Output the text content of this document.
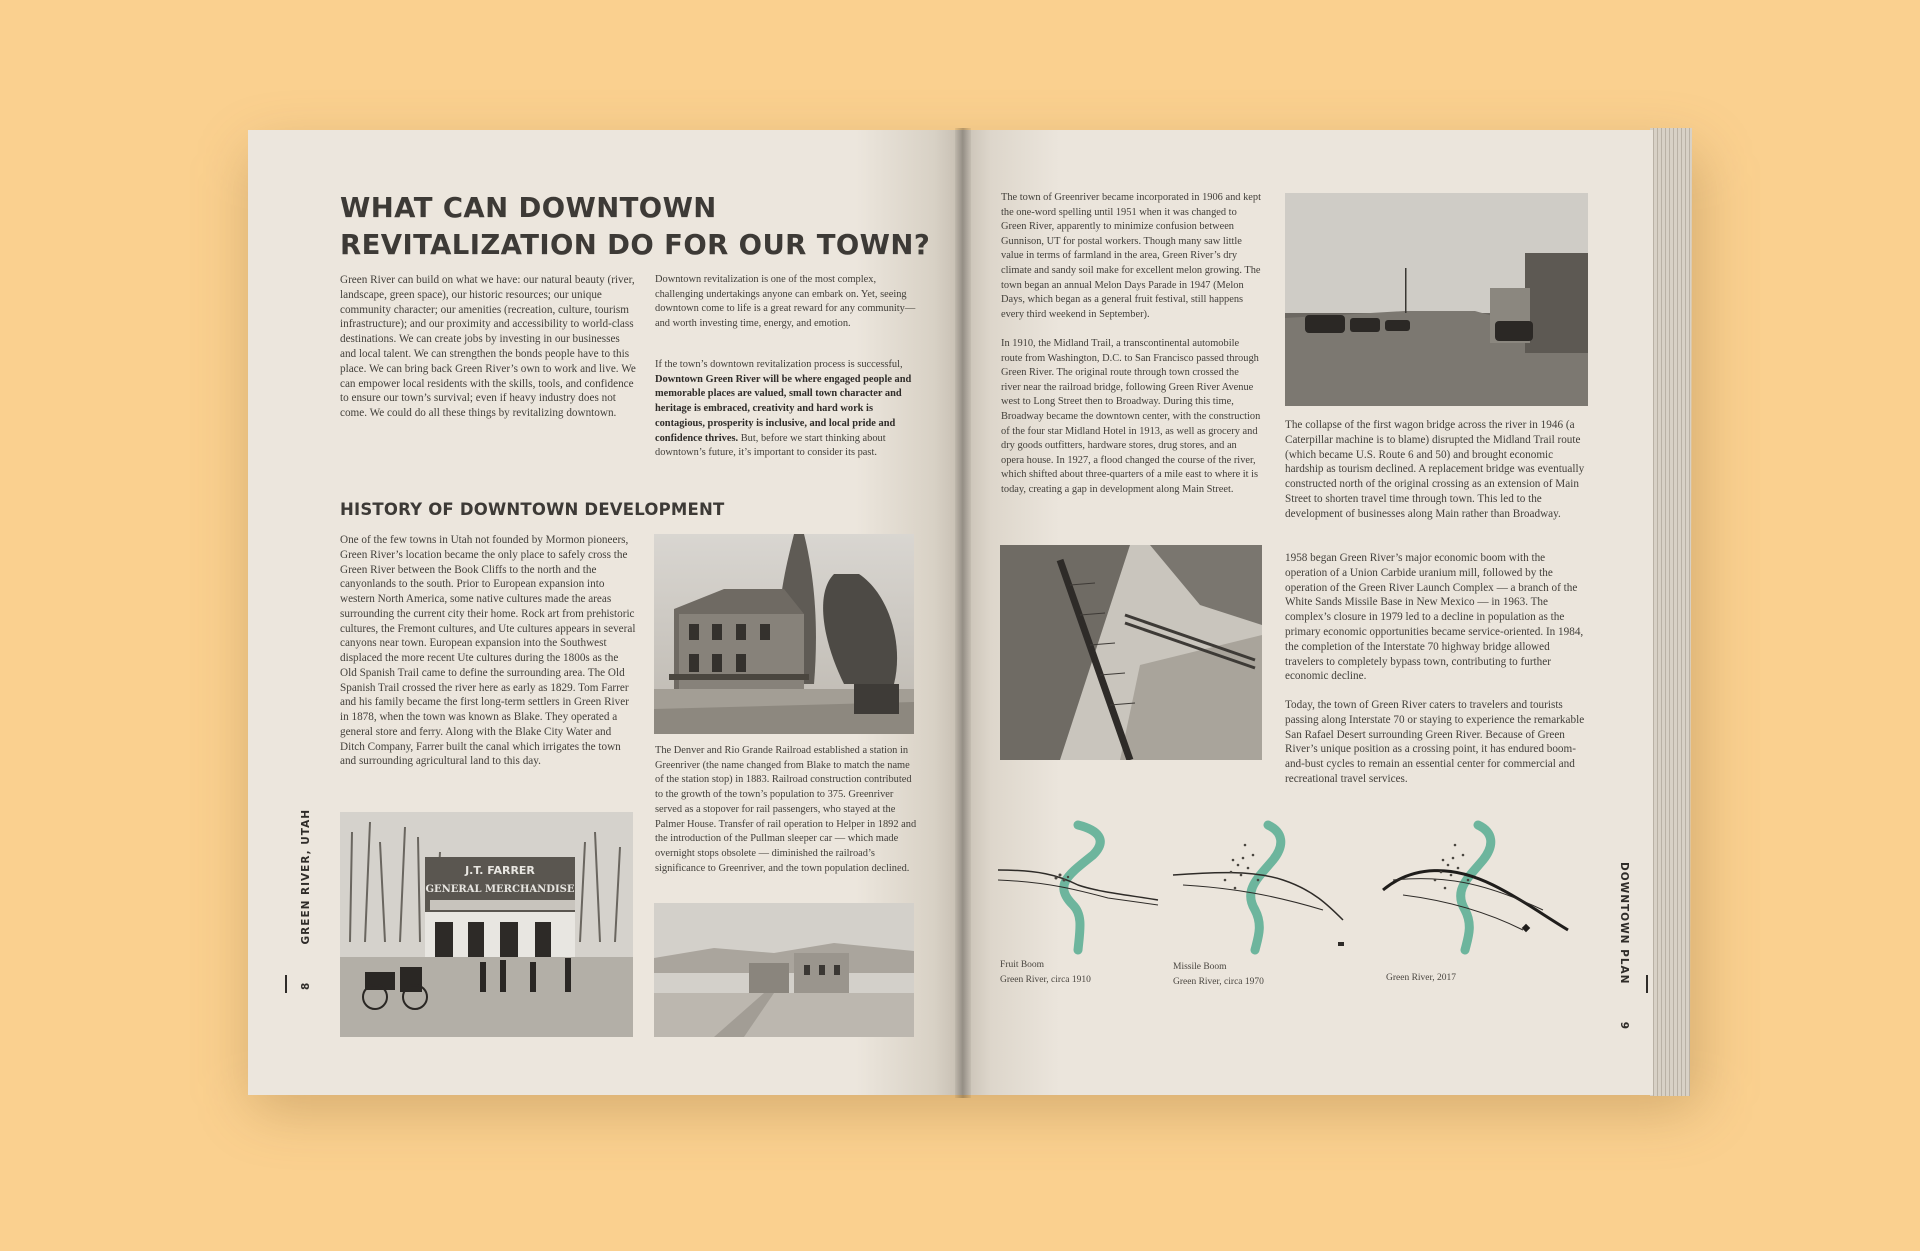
WHAT CAN DOWNTOWN
REVITALIZATION DO FOR OUR TOWN?

Green River can build on what we have: our natural beauty (river, landscape, green space), our historic resources; our unique community character; our amenities (recreation, culture, tourism infrastructure); and our proximity and accessibility to world-class destinations. We can create jobs by investing in our businesses and local talent. We can strengthen the bonds people have to this place. We can bring back Green River’s own to work and live. We can empower local residents with the skills, tools, and confidence to ensure our town’s survival; even if heavy industry does not come. We could do all these things by revitalizing downtown.

Downtown revitalization is one of the most complex, challenging undertakings anyone can embark on. Yet, seeing downtown come to life is a great reward for any community—and worth investing time, energy, and emotion.

If the town’s downtown revitalization process is successful, Downtown Green River will be where engaged people and memorable places are valued, small town character and heritage is embraced, creativity and hard work is contagious, prosperity is inclusive, and local pride and confidence thrives. But, before we start thinking about downtown’s future, it’s important to consider its past.

HISTORY OF DOWNTOWN DEVELOPMENT

One of the few towns in Utah not founded by Mormon pioneers, Green River’s location became the only place to safely cross the Green River between the Book Cliffs to the north and the canyonlands to the south. Prior to European expansion into western North America, some native cultures made the areas surrounding the current city their home. Rock art from prehistoric cultures, the Fremont cultures, and Ute cultures appears in several canyons near town. European expansion into the Southwest displaced the more recent Ute cultures during the 1800s as the Old Spanish Trail came to define the surrounding area. The Old Spanish Trail crossed the river here as early as 1829. Tom Farrer and his family became the first long-term settlers in Green River in 1878, when the town was known as Blake. They operated a general store and ferry. Along with the Blake City Water and Ditch Company, Farrer built the canal which irrigates the town and surrounding agricultural land to this day.

The Denver and Rio Grande Railroad established a station in Greenriver (the name changed from Blake to match the name of the station stop) in 1883. Railroad construction contributed to the growth of the town’s population to 375. Greenriver served as a stopover for rail passengers, who stayed at the Palmer House. Transfer of rail operation to Helper in 1892 and the introduction of the Pullman sleeper car — which made overnight stops obsolete — diminished the railroad’s significance to Greenriver, and the town population declined.

J.T. FARRER
GENERAL MERCHANDISE
8        GREEN RIVER, UTAH

The town of Greenriver became incorporated in 1906 and kept the one-word spelling until 1951 when it was changed to Green River, apparently to minimize confusion between Gunnison, UT for postal workers. Though many saw little value in terms of farmland in the area, Green River’s dry climate and sandy soil make for excellent melon growing. The town began an annual Melon Days Parade in 1947 (Melon Days, which began as a general fruit festival, still happens every third weekend in September).

In 1910, the Midland Trail, a transcontinental automobile route from Washington, D.C. to San Francisco passed through Green River. The original route through town crossed the river near the railroad bridge, following Green River Avenue west to Long Street then to Broadway. During this time, Broadway became the downtown center, with the construction of the four star Midland Hotel in 1913, as well as grocery and dry goods outfitters, hardware stores, drug stores, and an opera house. In 1927, a flood changed the course of the river, which shifted about three-quarters of a mile east to where it is today, creating a gap in development along Main Street.

The collapse of the first wagon bridge across the river in 1946 (a Caterpillar machine is to blame) disrupted the Midland Trail route (which became U.S. Route 6 and 50) and brought economic hardship as tourism declined. A replacement bridge was eventually constructed north of the original crossing as an extension of Main Street to shorten travel time through town. This led to the development of businesses along Main rather than Broadway.

1958 began Green River’s major economic boom with the operation of a Union Carbide uranium mill, followed by the operation of the Green River Launch Complex — a branch of the White Sands Missile Base in New Mexico — in 1963. The complex’s closure in 1979 led to a decline in population as the primary economic opportunities became service-oriented. In 1984, the completion of the Interstate 70 highway bridge allowed travelers to completely bypass town, contributing to further economic decline.

Today, the town of Green River caters to travelers and tourists passing along Interstate 70 or staying to experience the remarkable San Rafael Desert surrounding Green River. Because of Green River’s unique position as a crossing point, it has endured boom-and-bust cycles to remain an essential center for commercial and recreational travel services.

Fruit Boom
Green River, circa 1910
Missile Boom
Green River, circa 1970	Green River, 2017	DOWNTOWN PLAN        9
